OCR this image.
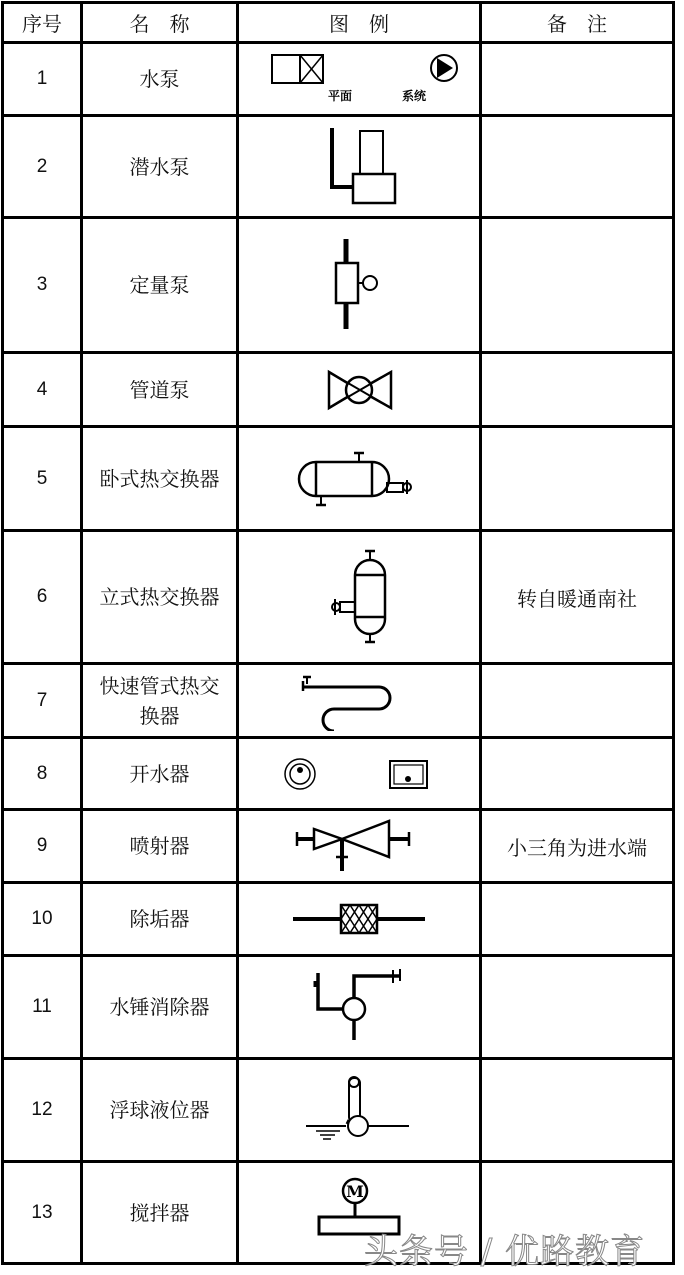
序号	名　称	图　例	备　注
1	水泵	平面 系统	

2	潜水泵	

3	定量泵	

4	管道泵	

5	卧式热交换器	

6	立式热交换器		转自暖通南社
7	快速管式热交
换器	

8	开水器	

9	喷射器		小三角为进水端
10	除垢器	

11	水锤消除器	

12	浮球液位器	

13	搅拌器	M	

头条号 / 优路教育
